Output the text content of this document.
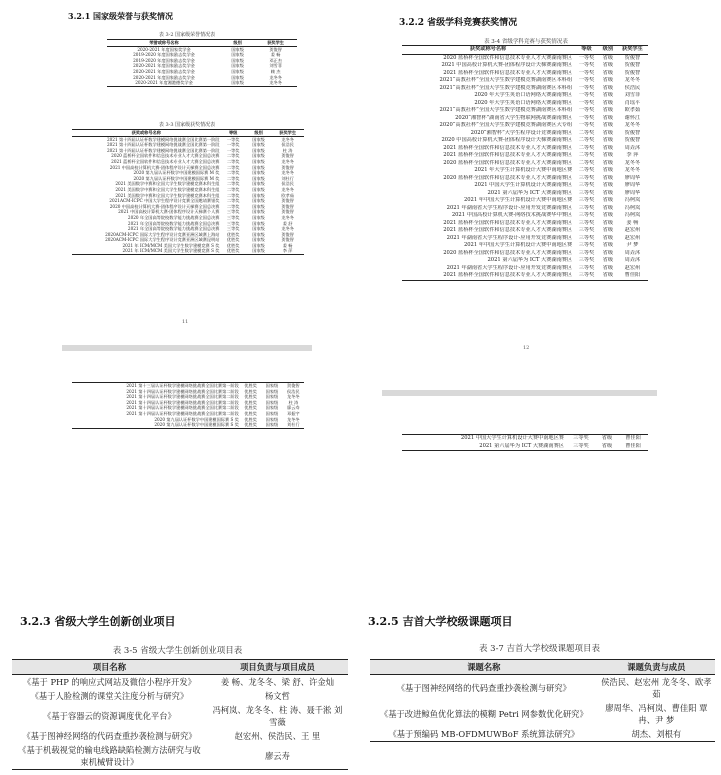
3.2.1 国家级荣誉与获奖情况
表 3-2 国家级荣誉情况表
荣誉或称号名称	级别	获奖学生
2020-2021 年度国家奖学金	国家级	贺俊智
2019-2020 年度国家励志奖学金	国家级	姜 畅
2019-2020 年度国家励志奖学金	国家级	邓正杰
2020-2021 年度国家励志奖学金	国家级	刘雪菲
2020-2021 年度国家励志奖学金	国家级	赖 杰
2020-2021 年度国家励志奖学金	国家级	龙冬冬
2020-2021 年度湘港德奖学金	国家级	龙冬冬
表 3-3 国家级获奖情况表
获奖或称号名称	等级	级别	获奖学生
2021 第十四届认证杯数学建模网络挑战赛全国比赛第一阶段	一等奖	国家级	龙冬冬
2021 第十四届认证杯数学建模网络挑战赛全国比赛第一阶段	一等奖	国家级	侯浩民
2021 第十四届认证杯数学建模网络挑战赛全国比赛第一阶段	一等奖	国家级	柱 涛
2020 蓝桥杯全国软件和信息技术专业人才大赛全国总决赛	二等奖	国家级	贺俊智
2021 蓝桥杯全国软件和信息技术专业人才大赛全国总决赛	二等奖	国家级	龙冬冬
2021 中国高校计算机大赛-团体程序设计天梯赛全国总决赛	二等奖	国家级	贺俊智
2020 第九届认证杯数学中国建模国际赛 M 奖	二等奖	国家级	龙冬冬
2020 第九届认证杯数学中国建模国际赛 M 奖	二等奖	国家级	刘杜行
2021 美国数学中赛和全国大学生数学建模竞赛本科生组	二等奖	国家级	侯浩民
2021 美国数学中赛和全国大学生数学建模竞赛本科生组	二等奖	国家级	龙冬冬
2021 美国数学中赛和全国大学生数学建模竞赛本科生组	二等奖	国家级	欧孝茹
2021ACM-ICPC 中国大学生程序设计竞赛全国邀请赛银奖	二等奖	国家级	贺俊智
2020 中国高校计算机大赛-团体程序设计天梯赛全国总决赛	二等奖	国家级	贺俊智
2021 中国高校计算机大赛-团体程序设计天梯赛个人赛	三等奖	国家级	贺俊智
2020 年全国高等院校数学能力挑战赛全国总决赛	三等奖	国家级	龙冬冬
2021 年全国高等院校数学能力挑战赛全国总决赛	三等奖	国家级	姜 舒
2021 年全国高等院校数学能力挑战赛全国总决赛	三等奖	国家级	龙冬冬
2020ACM-ICPC 国际大学生程序设计竞赛亚洲区域赛上海站	优胜奖	国家级	贺俊智
2020ACM-ICPC 国际大学生程序设计竞赛亚洲区域赛昆明站	优胜奖	国家级	贺俊智
2021 年 ICM/MCM 美国大学生数学建模竞赛 S 奖	优胜奖	国家级	姜 畅
2021 年 ICM/MCM 美国大学生数学建模竞赛 S 奖	优胜奖	国家级	李 萍
11
2021 第十三届认证杯数学建模网络挑战赛全国比赛第一阶段	优胜奖	国家级	贺俊智
2021 第十四届认证杯数学建模网络挑战赛全国比赛第二阶段	优胜奖	国家级	侯浩民
2021 第十四届认证杯数学建模网络挑战赛全国比赛第二阶段	优胜奖	国家级	龙冬冬
2021 第十四届认证杯数学建模网络挑战赛全国比赛第二阶段	优胜奖	国家级	柱 涛
2021 第十四届认证杯数学建模网络挑战赛全国比赛第二阶段	优胜奖	国家级	廖云寿
2021 第十四届认证杯数学建模网络挑战赛全国比赛第二阶段	优胜奖	国家级	邓振宇
2020 第九届认证杯数学中国建模国际赛 S 奖	优胜奖	国家级	龙冬冬
2020 第九届认证杯数学中国建模国际赛 S 奖	优胜奖	国家级	刘杜行
3.2.2 省级学科竞赛获奖情况
表 3-4 省级学科竞赛与获奖情况表
获奖或称号名称	等级	级别	获奖学生
2020 蓝桥杯全国软件和信息技术专业人才大赛湖南赛区	一等奖	省级	贺俊智
2021 中国高校计算机大赛-团体程序设计天梯赛湖南赛区	一等奖	省级	贺俊智
2021 蓝桥杯全国软件和信息技术专业人才大赛湖南赛区	一等奖	省级	贺俊智
2021“高教社杯”全国大学生数学建模竞赛湖南赛区本科组	一等奖	省级	龙冬冬
2021“高教社杯”全国大学生数学建模竞赛湖南赛区本科组	一等奖	省级	侯浩民
2020 年大学生英语口语网络大赛湖南赛区	一等奖	省级	刘雪菲
2020 年大学生英语口语网络大赛湖南赛区	一等奖	省级	肖瑶平
2021“高教社杯”全国大学生数学建模竞赛湖南赛区本科组	一等奖	省级	欧孝茹
2020“湘智杯”湖南省大学生物联网挑战赛湖南赛区	一等奖	省级	谢怀江
2020“高教社杯”全国大学生数学建模竞赛湖南赛区大专组	一等奖	省级	龙冬冬
2020“湘智杯”大学生程序设计竞赛湖南赛区	二等奖	省级	贺俊智
2020 中国高校计算机大赛-团体程序设计天梯赛湖南赛区	二等奖	省级	贺俊智
2021 蓝桥杯全国软件和信息技术专业人才大赛湖南赛区	二等奖	省级	周垚沐
2021 蓝桥杯全国软件和信息技术专业人才大赛湖南赛区	二等奖	省级	李 萍
2020 蓝桥杯全国软件和信息技术专业人才大赛湖南赛区	二等奖	省级	龙冬冬
2021 年大学生计算机设计大赛中南地区赛	二等奖	省级	龙冬冬
2020 蓝桥杯全国软件和信息技术专业人才大赛湖南赛区	三等奖	省级	廖周华
2021 中国大学生计算机设计大赛湖南赛区	三等奖	省级	廖周华
2021 第六届华为 ICT 大赛湖南赛区	三等奖	省级	廖周华
2021 年中国大学生计算机设计大赛中南地区赛	三等奖	省级	冯柯岚
2021 年湖南省大学生程序设计-应用开发竞赛湖南赛区	三等奖	省级	冯柯岚
2021 中国高校计算机大赛-网络技术挑战赛华中赛区	三等奖	省级	冯柯岚
2021 蓝桥杯全国软件和信息技术专业人才大赛湖南赛区	三等奖	省级	姜 畅
2021 蓝桥杯全国软件和信息技术专业人才大赛湖南赛区	三等奖	省级	赵宏州
2021 年湖南省大学生程序设计-应用开发竞赛湖南赛区	三等奖	省级	赵宏州
2021 年中国大学生计算机设计大赛中南地区赛	三等奖	省级	尹 梦
2020 蓝桥杯全国软件和信息技术专业人才大赛湖南赛区	三等奖	省级	周垚沐
2021 第六届华为 ICT 大赛湖南赛区	三等奖	省级	周垚沐
2021 年湖南省大学生程序设计-应用开发竞赛湖南赛区	三等奖	省级	赵宏州
2021 蓝桥杯全国软件和信息技术专业人才大赛湖南赛区	三等奖	省级	曹佳阳
12
2021 中国大学生计算机设计大赛中南地区赛	三等奖	省级	曹佳阳
2021 第六届华为 ICT 大赛湖南赛区	三等奖	省级	曹佳阳
3.2.3 省级大学生创新创业项目
表 3-5 省级大学生创新创业项目表
项目名称	项目负责与项目成员
《基于 PHP 的响应式网站及微信小程序开发》	姜 畅、龙冬冬、梁 舒、许金灿
《基于人脸检测的课堂关注度分析与研究》	杨文哲
《基于容器云的资源调度优化平台》	冯柯岚、龙冬冬、柱 涛、聂千淞 刘雪薇
《基于图神经网络的代码查重抄袭检测与研究》	赵宏州、侯浩民、王 里
《基于机载视觉的输电线路缺陷检测方法研究与收束机械臂设计》	廖云寿
3.2.5 吉首大学校级课题项目
表 3-7 吉首大学校级课题项目表
课题名称	课题负责与成员
《基于图神经网络的代码查重抄袭检测与研究》	侯浩民、赵宏州 龙冬冬、欧孝茹
《基于改进鲸鱼优化算法的模糊 Petri 网参数优化研究》	廖周华、冯柯岚、曹佳阳 覃 冉、尹 梦
《基于预编码 MB-OFDMUWBoF 系统算法研究》	胡杰、刘根有
